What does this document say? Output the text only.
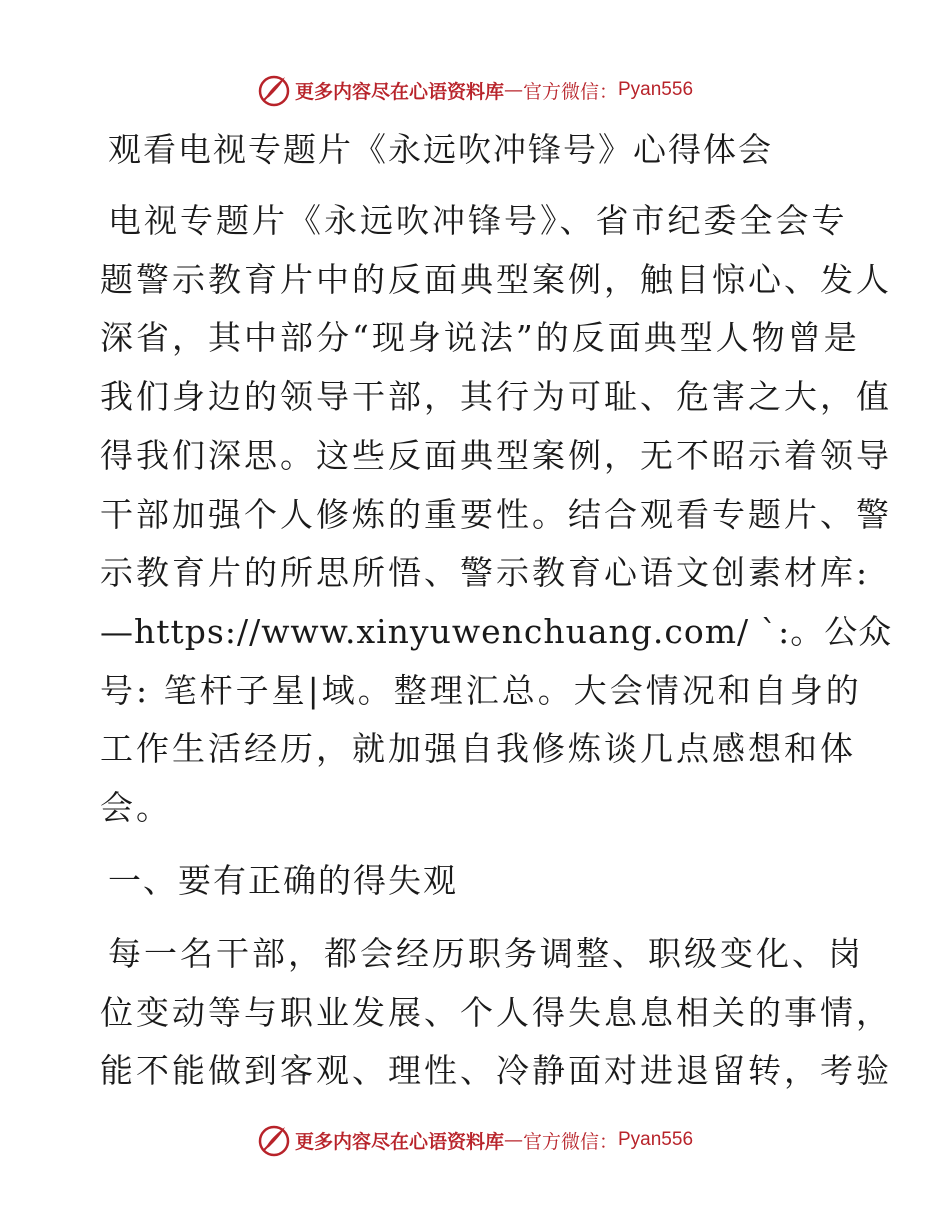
更多内容尽在心语资料库 — 官方微信： Pyan556
观看电视专题片《永远吹冲锋号》心得体会
电视专题片《永远吹冲锋号》、省市纪委全会专
题警示教育片中的反面典型案例，触目惊心、发人
深省，其中部分“现身说法”的反面典型人物曾是
我们身边的领导干部，其行为可耻、危害之大，值
得我们深思。这些反面典型案例，无不昭示着领导
干部加强个人修炼的重要性。结合观看专题片、警
示教育片的所思所悟、警示教育心语文创素材库:
—https://www.xinyuwenchuang.com/ `:。公众
号: 笔杆子星|域。整理汇总。大会情况和自身的
工作生活经历，就加强自我修炼谈几点感想和体
会。
一、要有正确的得失观
每一名干部，都会经历职务调整、职级变化、岗
位变动等与职业发展、个人得失息息相关的事情，
能不能做到客观、理性、冷静面对进退留转，考验
更多内容尽在心语资料库 — 官方微信： Pyan556
